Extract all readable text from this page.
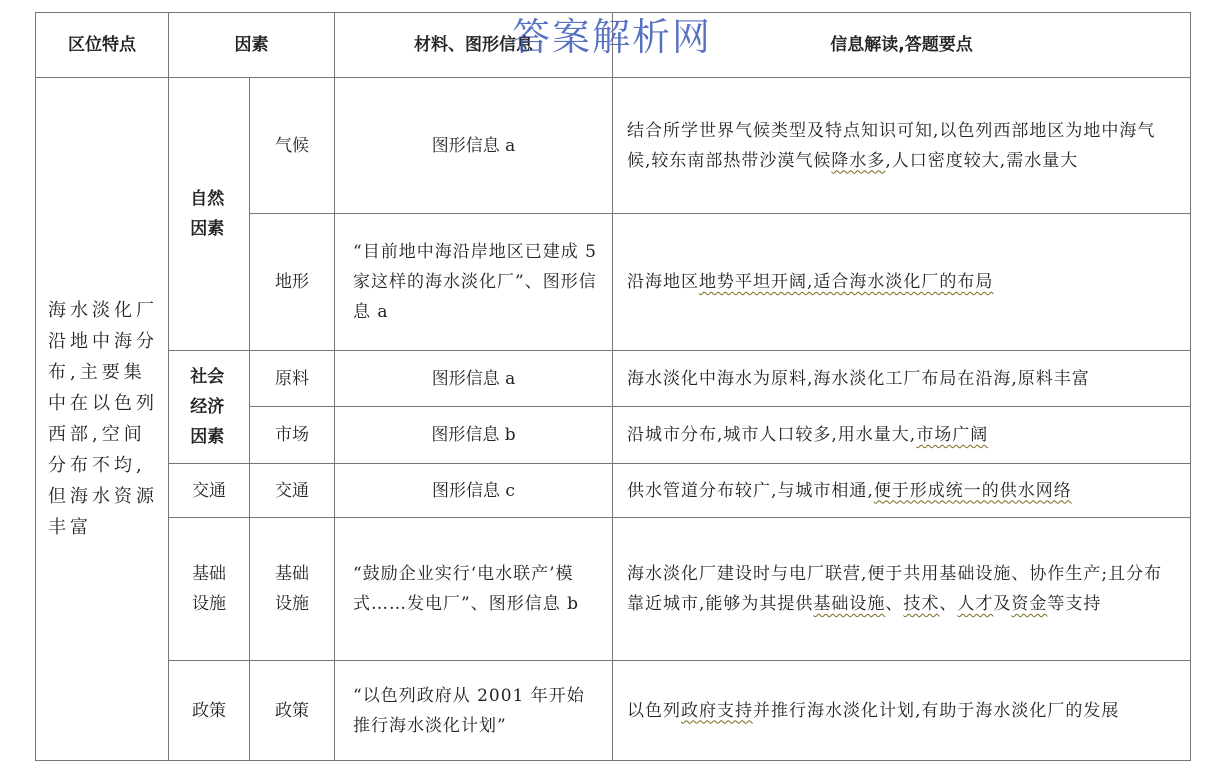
答案解析网
区位特点	因素		材料、图形信息	信息解读,答题要点
海水淡化厂沿地中海分布,主要集中在以色列西部,空间分布不均,但海水资源丰富	自然因素	气候	图形信息 a	结合所学世界气候类型及特点知识可知,以色列西部地区为地中海气候,较东南部热带沙漠气候降水多,人口密度较大,需水量大
		地形	“目前地中海沿岸地区已建成 5 家这样的海水淡化厂”、图形信息 a	沿海地区地势平坦开阔,适合海水淡化厂的布局

	社会经济因素	原料	图形信息 a	海水淡化中海水为原料,海水淡化工厂布局在沿海,原料丰富
		市场	图形信息 b	沿城市分布,城市人口较多,用水量大,市场广阔
	交通	交通	图形信息 c	供水管道分布较广,与城市相通,便于形成统一的供水网络

	基础设施	基础设施	“鼓励企业实行‘电水联产’模式……发电厂”、图形信息 b	海水淡化厂建设时与电厂联营,便于共用基础设施、协作生产;且分布靠近城市,能够为其提供基础设施、技术、人才及资金等支持
	政策	政策	“以色列政府从 2001 年开始推行海水淡化计划”	以色列政府支持并推行海水淡化计划,有助于海水淡化厂的发展
